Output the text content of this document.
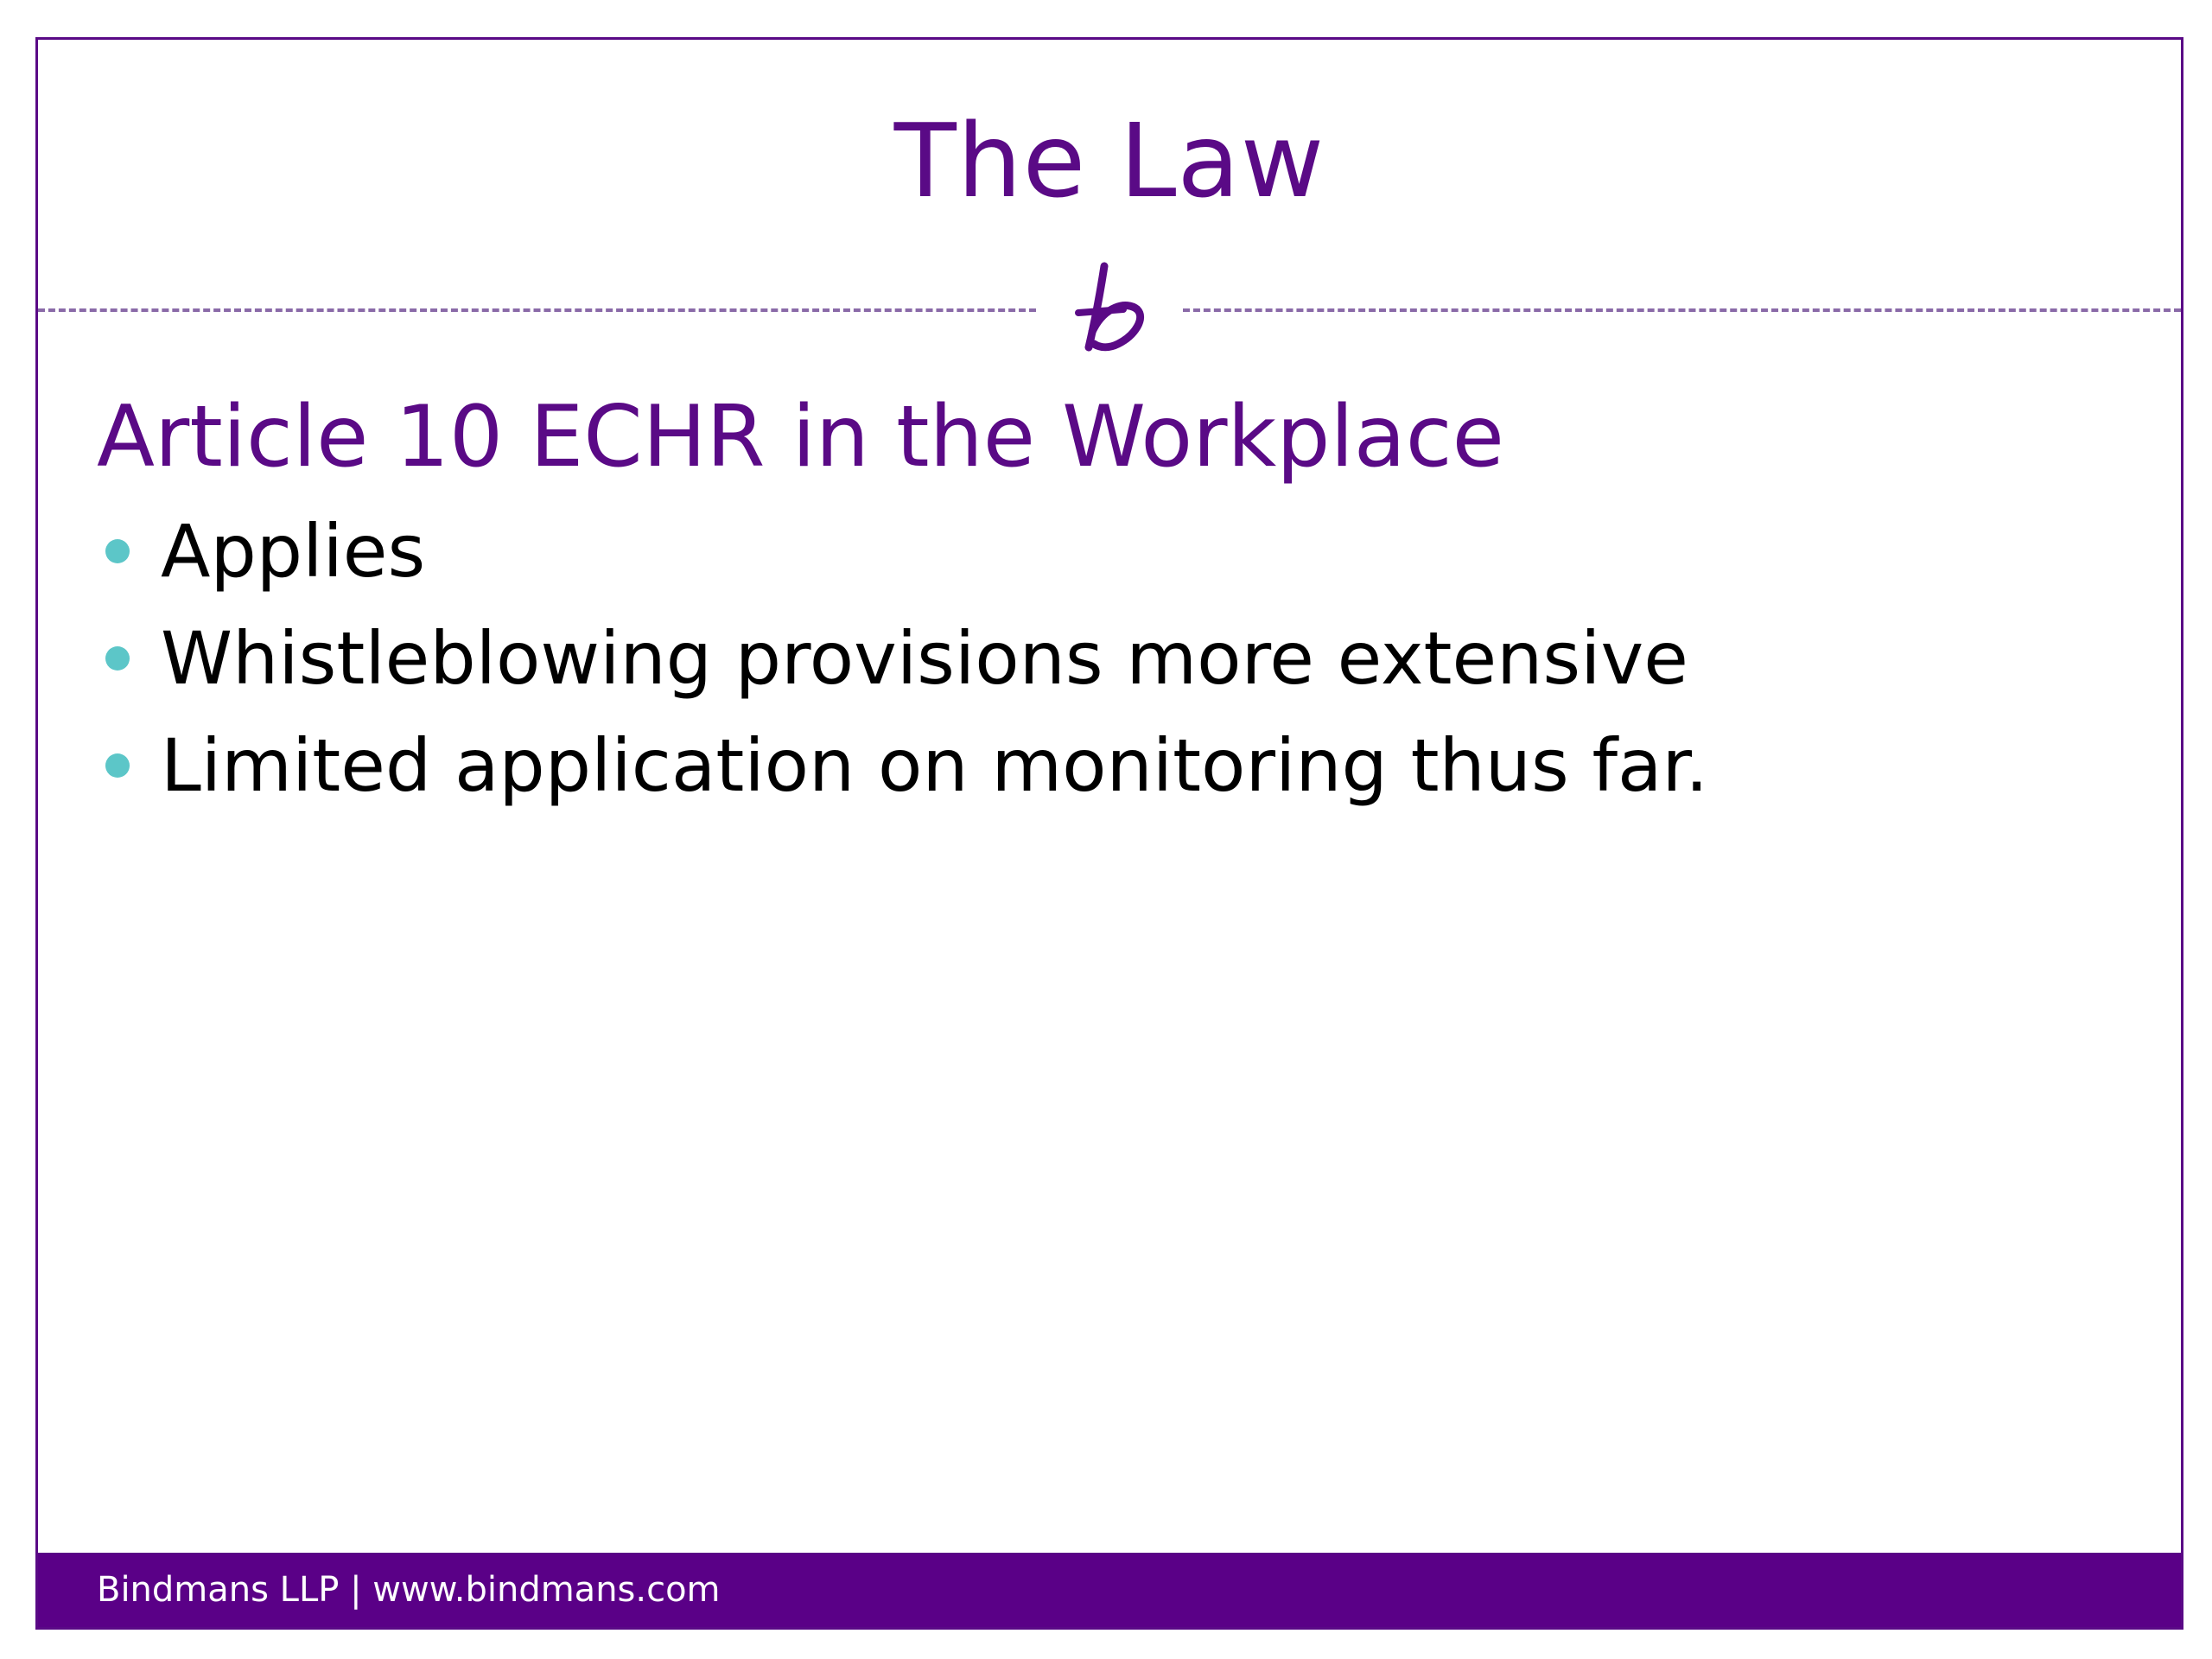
The Law
Article 10 ECHR in the Workplace
Applies
Whistleblowing provisions more extensive
Limited application on monitoring thus far.
Bindmans LLP | www.bindmans.com
